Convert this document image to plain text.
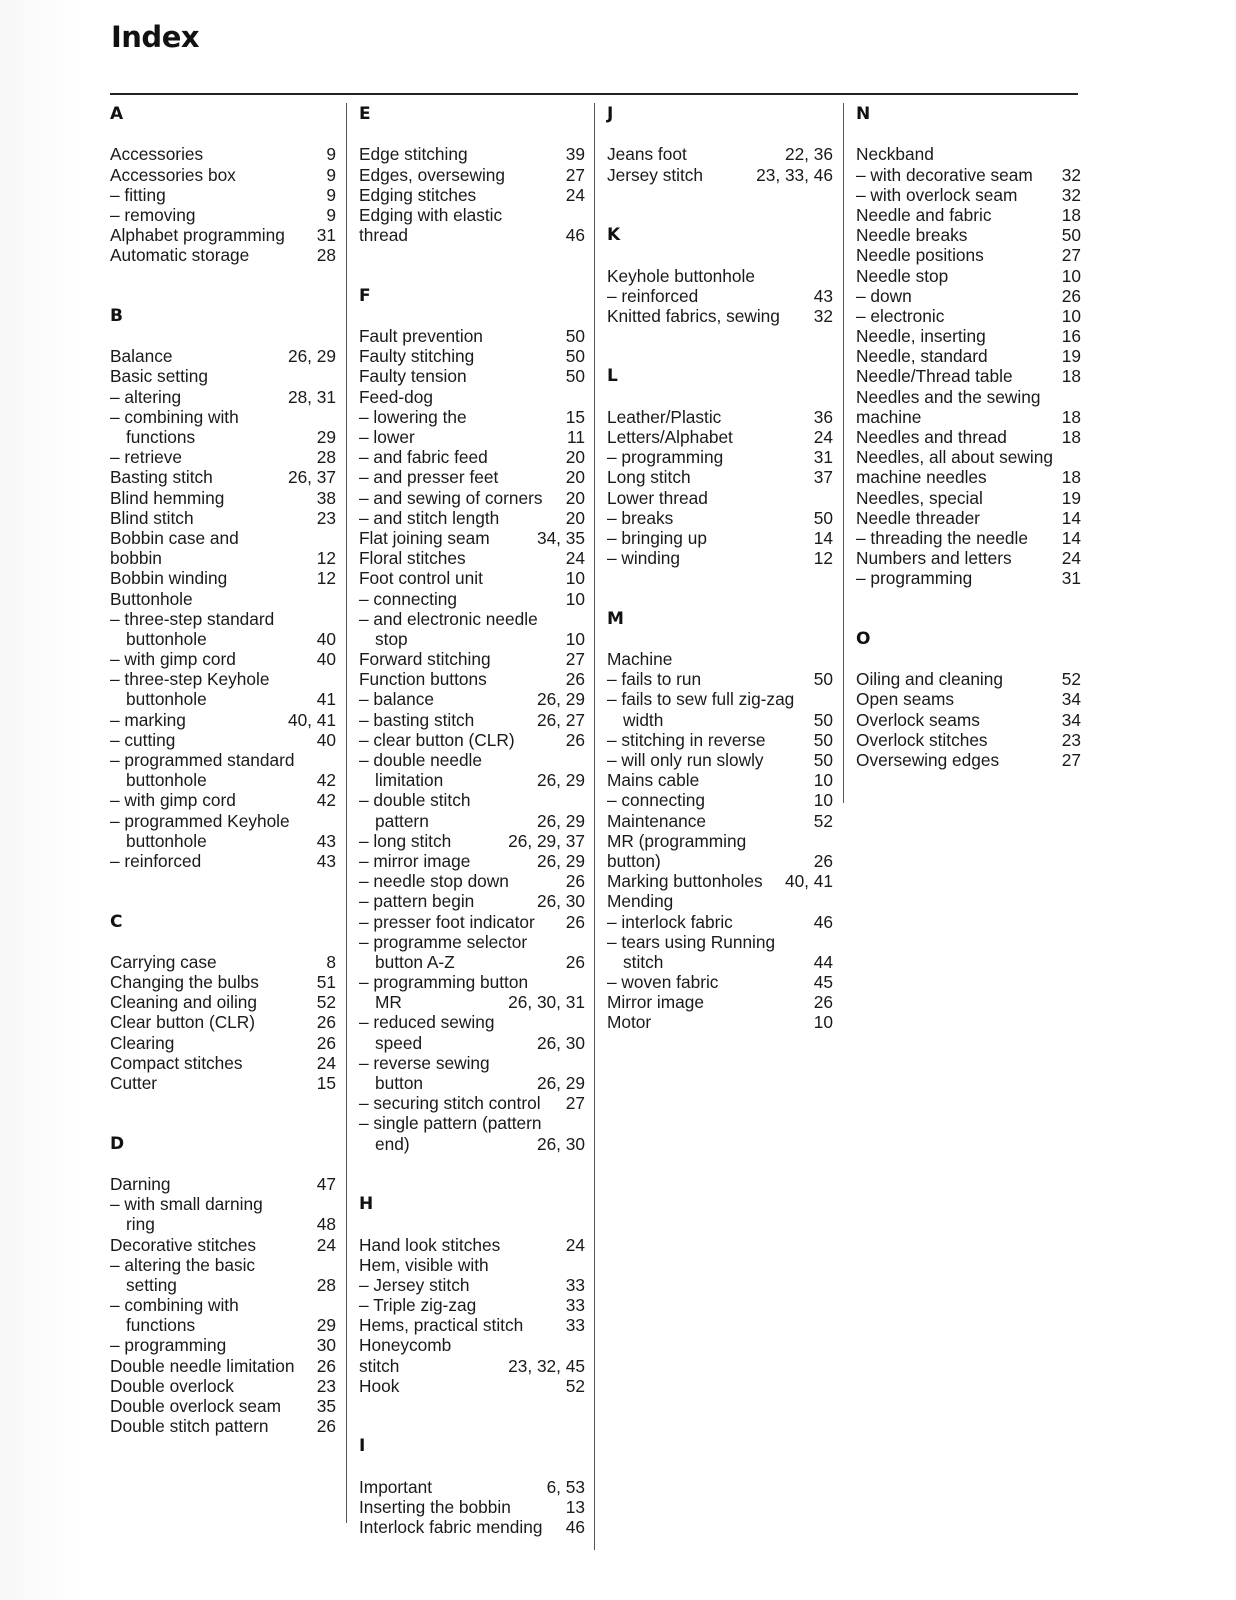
Index
A
Accessories	9
Accessories box	9
– fitting	9
– removing	9
Alphabet programming 31
Automatic storage	28
B
Balance	26, 29
Basic setting
– altering	28, 31
– combining with
functions	29
– retrieve	28
Basting stitch	26, 37
Blind hemming	38
Blind stitch	23
Bobbin case and
bobbin	12
Bobbin winding	12
Buttonhole
– three-step standard
buttonhole	40
– with gimp cord	40
– three-step Keyhole
buttonhole	41
– marking	40, 41
– cutting	40
– programmed standard
buttonhole	42
– with gimp cord	42
– programmed Keyhole
buttonhole	43
– reinforced	43
C
Carrying case	8
Changing the bulbs	51
Cleaning and oiling	52
Clear button (CLR)	26
Clearing	26
Compact stitches	24
Cutter	15
D
Darning	47
– with small darning
ring	48
Decorative stitches	24
– altering the basic
setting	28
– combining with
functions	29
– programming	30
Double needle limitation 26
Double overlock	23
Double overlock seam 35
Double stitch pattern	26
E
Edge stitching	39
Edges, oversewing	27
Edging stitches	24
Edging with elastic
thread	46
F
Fault prevention	50
Faulty stitching	50
Faulty tension	50
Feed-dog
– lowering the	15
– lower	11
– and fabric feed	20
– and presser feet	20
– and sewing of corners 20
– and stitch length	20
Flat joining seam	34, 35
Floral stitches	24
Foot control unit	10
– connecting	10
– and electronic needle
stop	10
Forward stitching	27
Function buttons	26
– balance	26, 29
– basting stitch	26, 27
– clear button (CLR)	26
– double needle
limitation	26, 29
– double stitch
pattern	26, 29
– long stitch	26, 29, 37
– mirror image	26, 29
– needle stop down	26
– pattern begin	26, 30
– presser foot indicator 26
– programme selector
button A-Z	26
– programming button
MR	26, 30, 31
– reduced sewing
speed	26, 30
– reverse sewing
button	26, 29
– securing stitch control 27
– single pattern (pattern
end)	26, 30
H
Hand look stitches	24
Hem, visible with
– Jersey stitch	33
– Triple zig-zag	33
Hems, practical stitch 33
Honeycomb
stitch	23, 32, 45
Hook	52
I
Important	6, 53
Inserting the bobbin	13
Interlock fabric mending 46
J
Jeans foot	22, 36
Jersey stitch	23, 33, 46
K
Keyhole buttonhole
– reinforced	43
Knitted fabrics, sewing 32
L
Leather/Plastic	36
Letters/Alphabet	24
– programming	31
Long stitch	37
Lower thread
– breaks	50
– bringing up	14
– winding	12
M
Machine
– fails to run	50
– fails to sew full zig-zag
width	50
– stitching in reverse	50
– will only run slowly	50
Mains cable	10
– connecting	10
Maintenance	52
MR (programming
button)	26
Marking buttonholes 40, 41
Mending
– interlock fabric	46
– tears using Running
stitch	44
– woven fabric	45
Mirror image	26
Motor	10
N
Neckband
– with decorative seam 32
– with overlock seam	32
Needle and fabric	18
Needle breaks	50
Needle positions	27
Needle stop	10
– down	26
– electronic	10
Needle, inserting	16
Needle, standard	19
Needle/Thread table	18
Needles and the sewing
machine	18
Needles and thread	18
Needles, all about sewing
machine needles	18
Needles, special	19
Needle threader	14
– threading the needle 14
Numbers and letters	24
– programming	31
O
Oiling and cleaning	52
Open seams	34
Overlock seams	34
Overlock stitches	23
Oversewing edges	27
